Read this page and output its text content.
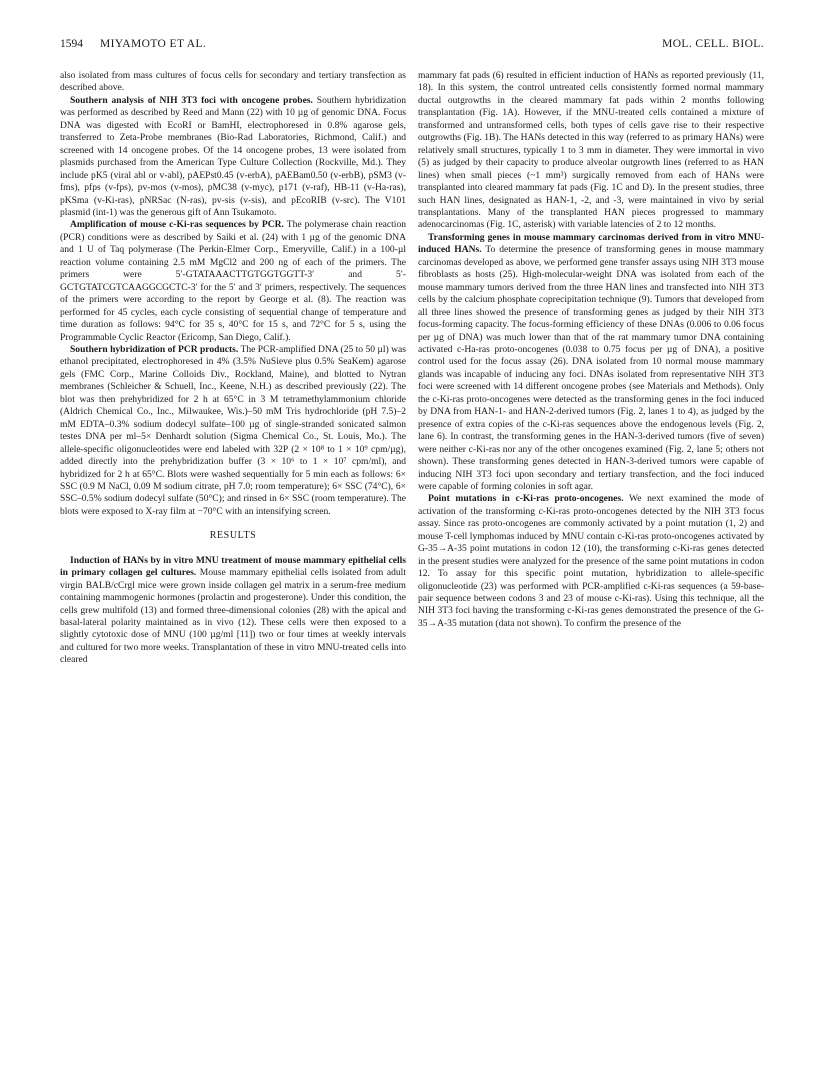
1594 MIYAMOTO ET AL.	MOL. CELL. BIOL.

also isolated from mass cultures of focus cells for secondary and tertiary transfection as described above.

Southern analysis of NIH 3T3 foci with oncogene probes. Southern hybridization was performed as described by Reed and Mann (22) with 10 µg of genomic DNA. Focus DNA was digested with EcoRI or BamHI, electrophoresed in 0.8% agarose gels, transferred to Zeta-Probe membranes (Bio-Rad Laboratories, Richmond, Calif.) and screened with 14 oncogene probes. Of the 14 oncogene probes, 13 were isolated from plasmids purchased from the American Type Culture Collection (Rockville, Md.). They include pK5 (viral abl or v-abl), pAEPst0.45 (v-erbA), pAEBam0.50 (v-erbB), pSM3 (v-fms), pfps (v-fps), pv-mos (v-mos), pMC38 (v-myc), p171 (v-raf), HB-11 (v-Ha-ras), pKSma (v-Ki-ras), pNRSac (N-ras), pv-sis (v-sis), and pEcoRIB (v-src). The V101 plasmid (int-1) was the generous gift of Ann Tsukamoto.

Amplification of mouse c-Ki-ras sequences by PCR. The polymerase chain reaction (PCR) conditions were as described by Saiki et al. (24) with 1 µg of the genomic DNA and 1 U of Taq polymerase (The Perkin-Elmer Corp., Emeryville, Calif.) in a 100-µl reaction volume containing 2.5 mM MgCl2 and 200 ng of each of the primers. The primers were 5′-GTATAAACTTGTGGTGGTT-3′ and 5′-GCTGTATCGTCAAGGCGCTC-3′ for the 5′ and 3′ primers, respectively. The sequences of the primers were according to the report by George et al. (8). The reaction was performed for 45 cycles, each cycle consisting of sequential change of temperature and time duration as follows: 94°C for 35 s, 40°C for 15 s, and 72°C for 5 s, using the Programmable Cyclic Reactor (Ericomp, San Diego, Calif.).

Southern hybridization of PCR products. The PCR-amplified DNA (25 to 50 µl) was ethanol precipitated, electrophoresed in 4% (3.5% NuSieve plus 0.5% SeaKem) agarose gels (FMC Corp., Marine Colloids Div., Rockland, Maine), and blotted to Nytran membranes (Schleicher & Schuell, Inc., Keene, N.H.) as described previously (22). The blot was then prehybridized for 2 h at 65°C in 3 M tetramethylammonium chloride (Aldrich Chemical Co., Inc., Milwaukee, Wis.)–50 mM Tris hydrochloride (pH 7.5)–2 mM EDTA–0.3% sodium dodecyl sulfate–100 µg of single-stranded sonicated salmon testes DNA per ml–5× Denhardt solution (Sigma Chemical Co., St. Louis, Mo.). The allele-specific oligonucleotides were end labeled with 32P (2 × 10⁸ to 1 × 10⁹ cpm/µg), added directly into the prehybridization buffer (3 × 10⁶ to 1 × 10⁷ cpm/ml), and hybridized for 2 h at 65°C. Blots were washed sequentially for 5 min each as follows: 6× SSC (0.9 M NaCl, 0.09 M sodium citrate, pH 7.0; room temperature); 6× SSC (74°C), 6× SSC–0.5% sodium dodecyl sulfate (50°C); and rinsed in 6× SSC (room temperature). The blots were exposed to X-ray film at −70°C with an intensifying screen.

RESULTS

Induction of HANs by in vitro MNU treatment of mouse mammary epithelial cells in primary collagen gel cultures. Mouse mammary epithelial cells isolated from adult virgin BALB/cCrgl mice were grown inside collagen gel matrix in a serum-free medium containing mammogenic hormones (prolactin and progesterone). Under this condition, the cells grew multifold (13) and formed three-dimensional colonies (28) with the apical and basal-lateral polarity maintained as in vivo (12). These cells were then exposed to a slightly cytotoxic dose of MNU (100 µg/ml [11]) two or four times at weekly intervals and cultured for two more weeks. Transplantation of these in vitro MNU-treated cells into cleared

mammary fat pads (6) resulted in efficient induction of HANs as reported previously (11, 18). In this system, the control untreated cells consistently formed normal mammary ductal outgrowths in the cleared mammary fat pads within 2 months following transplantation (Fig. 1A). However, if the MNU-treated cells contained a mixture of transformed and untransformed cells, both types of cells gave rise to their respective outgrowths (Fig. 1B). The HANs detected in this way (referred to as primary HANs) were relatively small structures, typically 1 to 3 mm in diameter. They were immortal in vivo (5) as judged by their capacity to produce alveolar outgrowth lines (referred to as HAN lines) when small pieces (~1 mm³) surgically removed from each of HANs were transplanted into cleared mammary fat pads (Fig. 1C and D). In the present studies, three such HAN lines, designated as HAN-1, -2, and -3, were maintained in vivo by serial transplantations. Many of the transplanted HAN pieces progressed to mammary adenocarcinomas (Fig. 1C, asterisk) with variable latencies of 2 to 12 months.

Transforming genes in mouse mammary carcinomas derived from in vitro MNU-induced HANs. To determine the presence of transforming genes in mouse mammary carcinomas developed as above, we performed gene transfer assays using NIH 3T3 mouse fibroblasts as hosts (25). High-molecular-weight DNA was isolated from each of the mouse mammary tumors derived from the three HAN lines and transfected into NIH 3T3 cells by the calcium phosphate coprecipitation technique (9). Tumors that developed from all three lines showed the presence of transforming genes as judged by their NIH 3T3 focus-forming capacity. The focus-forming efficiency of these DNAs (0.006 to 0.06 focus per µg of DNA) was much lower than that of the rat mammary tumor DNA containing activated c-Ha-ras proto-oncogenes (0.038 to 0.75 focus per µg of DNA), a positive control used for the focus assay (26). DNA isolated from 10 normal mouse mammary glands was incapable of inducing any foci. DNAs isolated from representative NIH 3T3 foci were screened with 14 different oncogene probes (see Materials and Methods). Only the c-Ki-ras proto-oncogenes were detected as the transforming genes in the foci induced by DNA from HAN-1- and HAN-2-derived tumors (Fig. 2, lanes 1 to 4), as judged by the presence of extra copies of the c-Ki-ras sequences above the endogenous levels (Fig. 2, lane 6). In contrast, the transforming genes in the HAN-3-derived tumors (five of seven) were neither c-Ki-ras nor any of the other oncogenes examined (Fig. 2, lane 5; others not shown). These transforming genes detected in HAN-3-derived tumors were capable of inducing NIH 3T3 foci upon secondary and tertiary transfection, and the foci induced were capable of forming colonies in soft agar.

Point mutations in c-Ki-ras proto-oncogenes. We next examined the mode of activation of the transforming c-Ki-ras proto-oncogenes detected by the NIH 3T3 focus assay. Since ras proto-oncogenes are commonly activated by a point mutation (1, 2) and mouse T-cell lymphomas induced by MNU contain c-Ki-ras proto-oncogenes activated by G-35→A-35 point mutations in codon 12 (10), the transforming c-Ki-ras genes detected in the present studies were analyzed for the presence of the same point mutations in codon 12. To assay for this specific point mutation, hybridization to allele-specific oligonucleotide (23) was performed with PCR-amplified c-Ki-ras sequences (a 59-base-pair sequence between codons 3 and 23 of mouse c-Ki-ras). Using this technique, all the NIH 3T3 foci having the transforming c-Ki-ras genes demonstrated the presence of the G-35→A-35 mutation (data not shown). To confirm the presence of the
